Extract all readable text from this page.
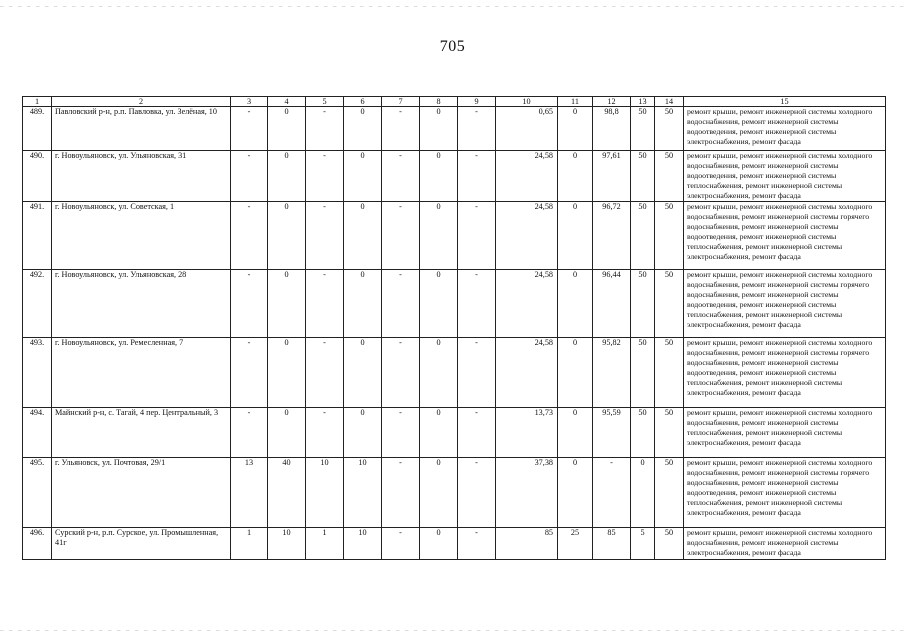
705
1	2	3	4	5	6	7	8	9	10	11	12	13	14	15
489.	Павловский р-н, р.п. Павловка, ул. Зелёная, 10	-	0	-	0	-	0	-	0,65	0	98,8	50	50	ремонт крыши, ремонт инженерной системы холодного водоснабжения, ремонт инженерной системы водоотведения, ремонт инженерной системы электроснабжения, ремонт фасада
490.	г. Новоульяновск, ул. Ульяновская, 31	-	0	-	0	-	0	-	24,58	0	97,61	50	50	ремонт крыши, ремонт инженерной системы холодного водоснабжения, ремонт инженерной системы водоотведения, ремонт инженерной системы теплоснабжения, ремонт инженерной системы электроснабжения, ремонт фасада
491.	г. Новоульяновск, ул. Советская, 1	-	0	-	0	-	0	-	24,58	0	96,72	50	50	ремонт крыши, ремонт инженерной системы холодного водоснабжения, ремонт инженерной системы горячего водоснабжения, ремонт инженерной системы водоотведения, ремонт инженерной системы теплоснабжения, ремонт инженерной системы электроснабжения, ремонт фасада
492.	г. Новоульяновск, ул. Ульяновская, 28	-	0	-	0	-	0	-	24,58	0	96,44	50	50	ремонт крыши, ремонт инженерной системы холодного водоснабжения, ремонт инженерной системы горячего водоснабжения, ремонт инженерной системы водоотведения, ремонт инженерной системы теплоснабжения, ремонт инженерной системы электроснабжения, ремонт фасада
493.	г. Новоульяновск, ул. Ремесленная, 7	-	0	-	0	-	0	-	24,58	0	95,82	50	50	ремонт крыши, ремонт инженерной системы холодного водоснабжения, ремонт инженерной системы горячего водоснабжения, ремонт инженерной системы водоотведения, ремонт инженерной системы теплоснабжения, ремонт инженерной системы электроснабжения, ремонт фасада
494.	Майнский р-н, с. Тагай, 4 пер. Центральный, 3	-	0	-	0	-	0	-	13,73	0	95,59	50	50	ремонт крыши, ремонт инженерной системы холодного водоснабжения, ремонт инженерной системы теплоснабжения, ремонт инженерной системы электроснабжения, ремонт фасада
495.	г. Ульяновск, ул. Почтовая, 29/1	13	40	10	10	-	0	-	37,38	0	-	0	50	ремонт крыши, ремонт инженерной системы холодного водоснабжения, ремонт инженерной системы горячего водоснабжения, ремонт инженерной системы водоотведения, ремонт инженерной системы теплоснабжения, ремонт инженерной системы электроснабжения, ремонт фасада
496.	Сурский р-н, р.п. Сурское, ул. Промышленная, 41г	1	10	1	10	-	0	-	85	25	85	5	50	ремонт крыши, ремонт инженерной системы холодного водоснабжения, ремонт инженерной системы электроснабжения, ремонт фасада
